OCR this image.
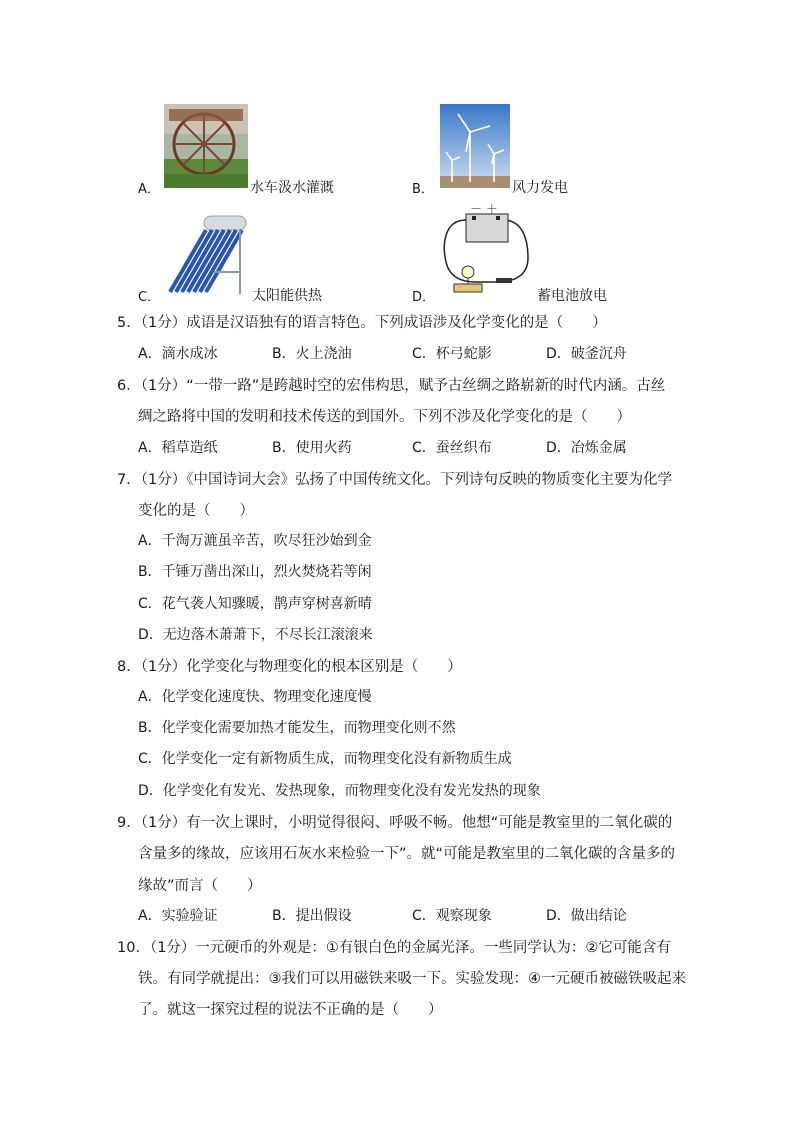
A．	水车汲水灌溉	B．	风力发电
C．	太阳能供热	D．
－ ＋
蓄电池放电
5．（1分）成语是汉语独有的语言特色。下列成语涉及化学变化的是（　　）
A．滴水成冰	B．火上浇油	C．杯弓蛇影	D．破釜沉舟
6．（1分）“一带一路”是跨越时空的宏伟构思，赋予古丝绸之路崭新的时代内涵。古丝
绸之路将中国的发明和技术传送的到国外。下列不涉及化学变化的是（　　）
A．稻草造纸	B．使用火药	C．蚕丝织布	D．冶炼金属
7．（1分）《中国诗词大会》弘扬了中国传统文化。下列诗句反映的物质变化主要为化学
变化的是（　　）
A．千淘万漉虽辛苦，吹尽狂沙始到金
B．千锤万凿出深山，烈火焚烧若等闲
C．花气袭人知骤暖，鹊声穿树喜新晴
D．无边落木萧萧下，不尽长江滚滚来
8．（1分）化学变化与物理变化的根本区别是（　　）
A．化学变化速度快、物理变化速度慢
B．化学变化需要加热才能发生，而物理变化则不然
C．化学变化一定有新物质生成，而物理变化没有新物质生成
D．化学变化有发光、发热现象，而物理变化没有发光发热的现象
9．（1分）有一次上课时，小明觉得很闷、呼吸不畅。他想“可能是教室里的二氧化碳的
含量多的缘故，应该用石灰水来检验一下”。就“可能是教室里的二氧化碳的含量多的
缘故”而言（　　）
A．实验验证	B．提出假设	C．观察现象	D．做出结论
10．（1分）一元硬币的外观是：①有银白色的金属光泽。一些同学认为：②它可能含有
铁。有同学就提出：③我们可以用磁铁来吸一下。实验发现：④一元硬币被磁铁吸起来
了。就这一探究过程的说法不正确的是（　　）
